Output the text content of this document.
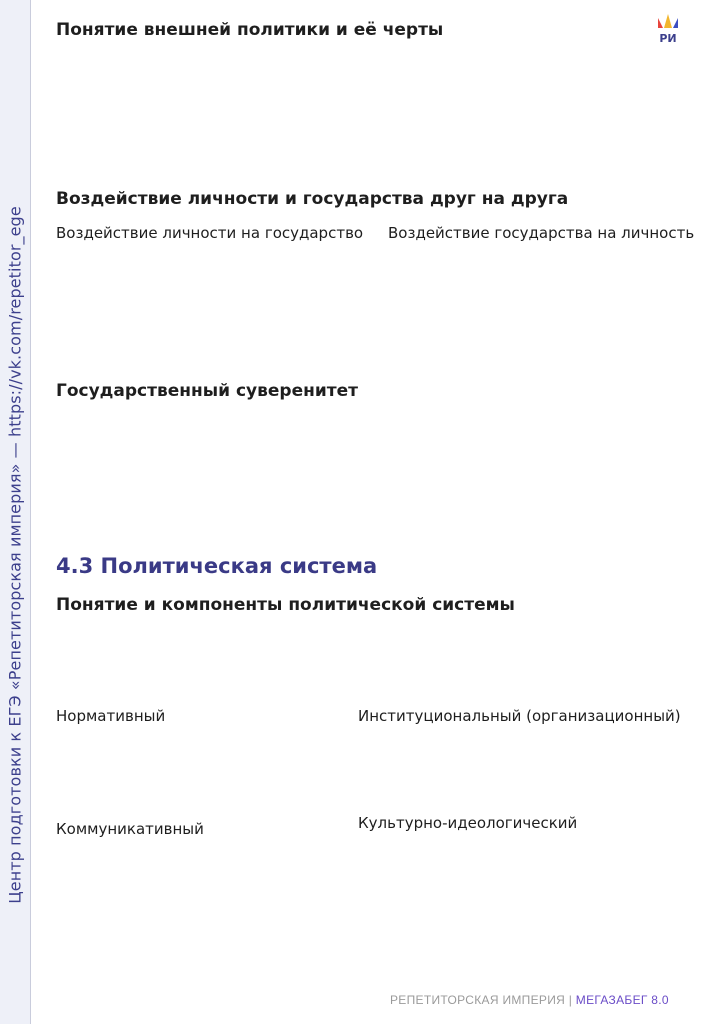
Центр подготовки к ЕГЭ «Репетиторская империя» — https://vk.com/repetitor_ege
РИ
Понятие внешней политики и её черты
Воздействие личности и государства друг на друга
Воздействие личности на государство Воздействие государства на личность
Государственный суверенитет
4.3 Политическая система
Понятие и компоненты политической системы
Нормативный	Институциональный (организационный)
Коммуникативный	Культурно-идеологический
РЕПЕТИТОРСКАЯ ИМПЕРИЯ | МЕГАЗАБЕГ 8.0
